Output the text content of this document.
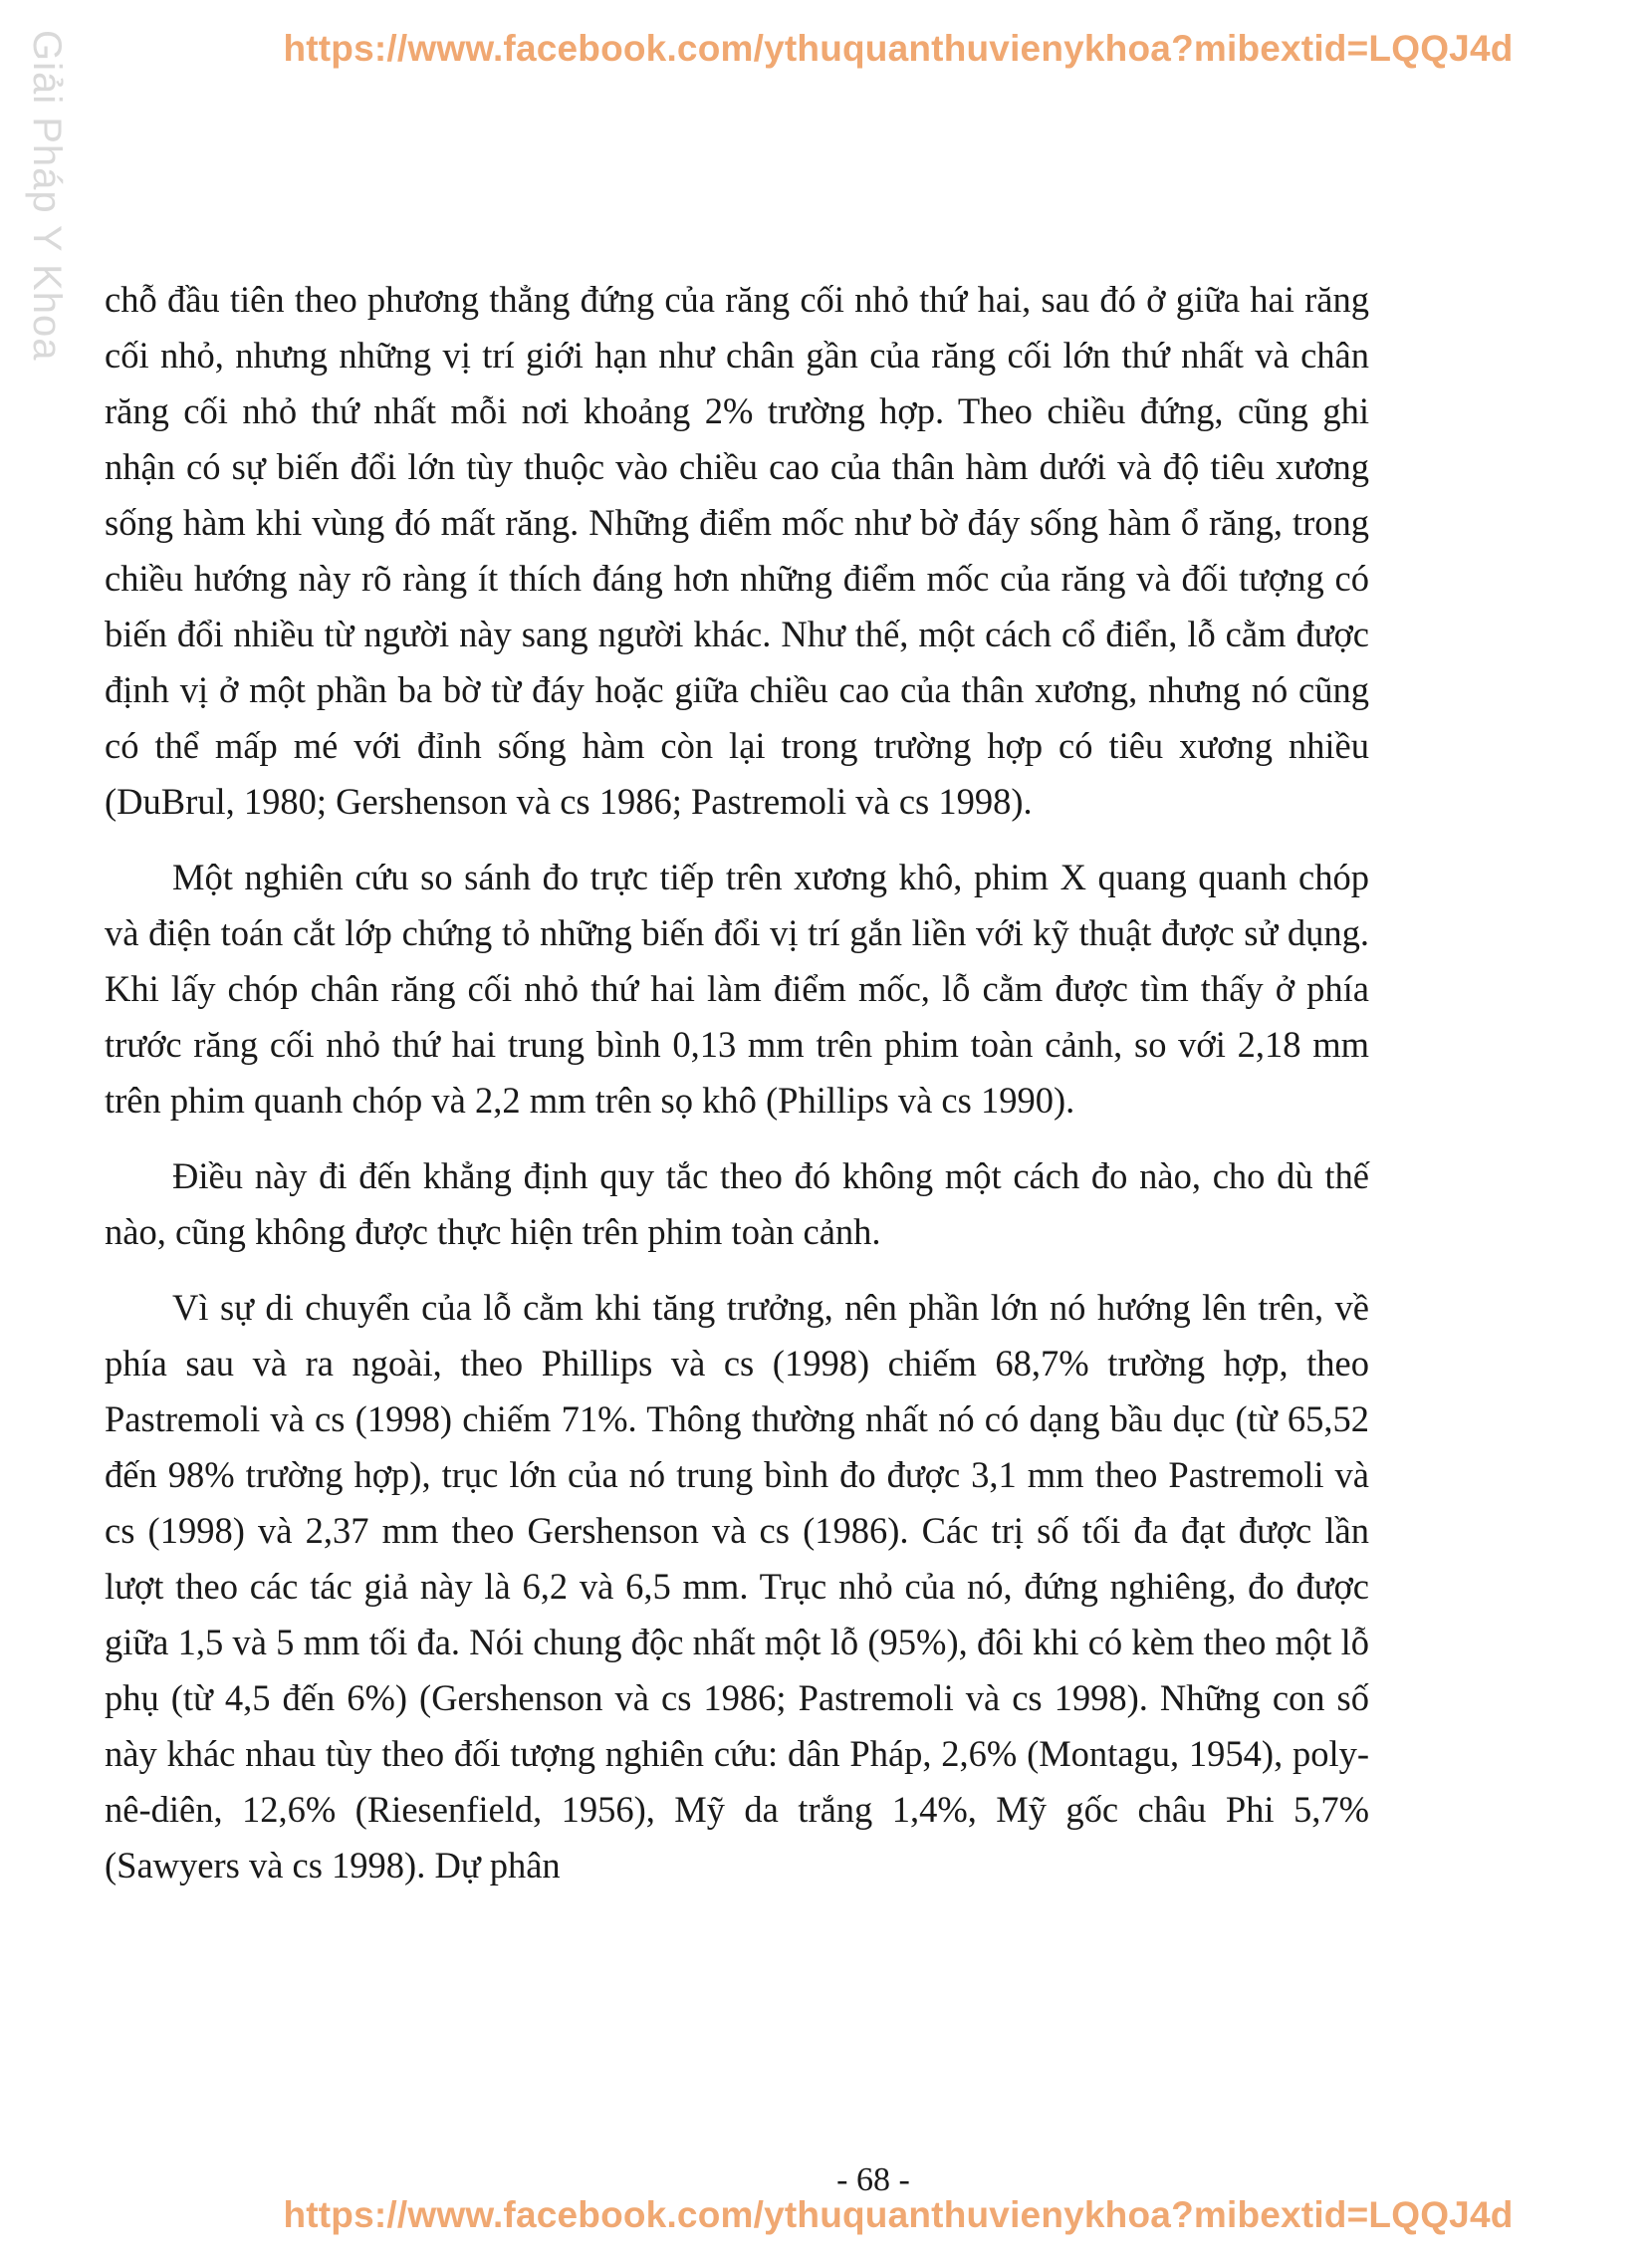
https://www.facebook.com/ythuquanthuvienykhoa?mibextid=LQQJ4d
Giải Pháp Y Khoa chỗ đầu tiên theo phương thẳng đứng của răng cối nhỏ thứ hai, sau đó ở giữa hai răng cối nhỏ, nhưng những vị trí giới hạn như chân gần của răng cối lớn thứ nhất và chân răng cối nhỏ thứ nhất mỗi nơi khoảng 2% trường hợp. Theo chiều đứng, cũng ghi nhận có sự biến đổi lớn tùy thuộc vào chiều cao của thân hàm dưới và độ tiêu xương sống hàm khi vùng đó mất răng. Những điểm mốc như bờ đáy sống hàm ổ răng, trong chiều hướng này rõ ràng ít thích đáng hơn những điểm mốc của răng và đối tượng có biến đổi nhiều từ người này sang người khác. Như thế, một cách cổ điển, lỗ cằm được định vị ở một phần ba bờ từ đáy hoặc giữa chiều cao của thân xương, nhưng nó cũng có thể mấp mé với đỉnh sống hàm còn lại trong trường hợp có tiêu xương nhiều (DuBrul, 1980; Gershenson và cs 1986; Pastremoli và cs 1998).

Một nghiên cứu so sánh đo trực tiếp trên xương khô, phim X quang quanh chóp và điện toán cắt lớp chứng tỏ những biến đổi vị trí gắn liền với kỹ thuật được sử dụng. Khi lấy chóp chân răng cối nhỏ thứ hai làm điểm mốc, lỗ cằm được tìm thấy ở phía trước răng cối nhỏ thứ hai trung bình 0,13 mm trên phim toàn cảnh, so với 2,18 mm trên phim quanh chóp và 2,2 mm trên sọ khô (Phillips và cs 1990).

Điều này đi đến khẳng định quy tắc theo đó không một cách đo nào, cho dù thế nào, cũng không được thực hiện trên phim toàn cảnh.

Vì sự di chuyển của lỗ cằm khi tăng trưởng, nên phần lớn nó hướng lên trên, về phía sau và ra ngoài, theo Phillips và cs (1998) chiếm 68,7% trường hợp, theo Pastremoli và cs (1998) chiếm 71%. Thông thường nhất nó có dạng bầu dục (từ 65,52 đến 98% trường hợp), trục lớn của nó trung bình đo được 3,1 mm theo Pastremoli và cs (1998) và 2,37 mm theo Gershenson và cs (1986). Các trị số tối đa đạt được lần lượt theo các tác giả này là 6,2 và 6,5 mm. Trục nhỏ của nó, đứng nghiêng, đo được giữa 1,5 và 5 mm tối đa. Nói chung độc nhất một lỗ (95%), đôi khi có kèm theo một lỗ phụ (từ 4,5 đến 6%) (Gershenson và cs 1986; Pastremoli và cs 1998). Những con số này khác nhau tùy theo đối tượng nghiên cứu: dân Pháp, 2,6% (Montagu, 1954), poly-nê-diên, 12,6% (Riesenfield, 1956), Mỹ da trắng 1,4%, Mỹ gốc châu Phi 5,7% (Sawyers và cs 1998). Dự phân

- 68 -
https://www.facebook.com/ythuquanthuvienykhoa?mibextid=LQQJ4d
